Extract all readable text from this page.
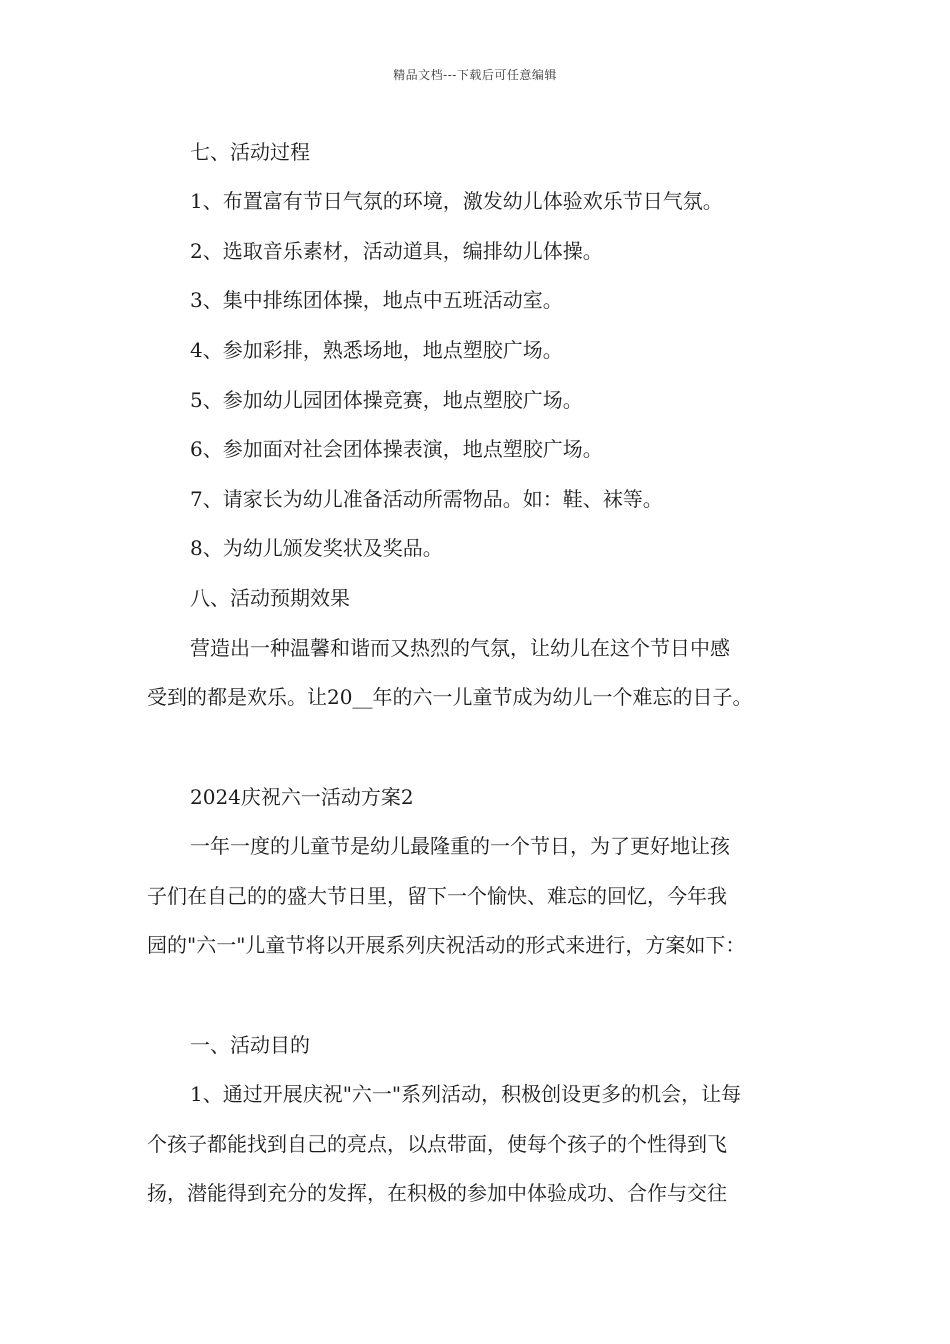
精品文档---下载后可任意编辑
七、活动过程
1、布置富有节日气氛的环境，激发幼儿体验欢乐节日气氛。
2、选取音乐素材，活动道具，编排幼儿体操。
3、集中排练团体操，地点中五班活动室。
4、参加彩排，熟悉场地，地点塑胶广场。
5、参加幼儿园团体操竞赛，地点塑胶广场。
6、参加面对社会团体操表演，地点塑胶广场。
7、请家长为幼儿准备活动所需物品。如：鞋、袜等。
8、为幼儿颁发奖状及奖品。
八、活动预期效果
营造出一种温馨和谐而又热烈的气氛，让幼儿在这个节日中感
受到的都是欢乐。让20__年的六一儿童节成为幼儿一个难忘的日子。
2024庆祝六一活动方案2
一年一度的儿童节是幼儿最隆重的一个节日，为了更好地让孩
子们在自己的的盛大节日里，留下一个愉快、难忘的回忆，今年我
园的"六一"儿童节将以开展系列庆祝活动的形式来进行，方案如下：
一、活动目的
1、通过开展庆祝"六一"系列活动，积极创设更多的机会，让每
个孩子都能找到自己的亮点，以点带面，使每个孩子的个性得到飞
扬，潜能得到充分的发挥，在积极的参加中体验成功、合作与交往
